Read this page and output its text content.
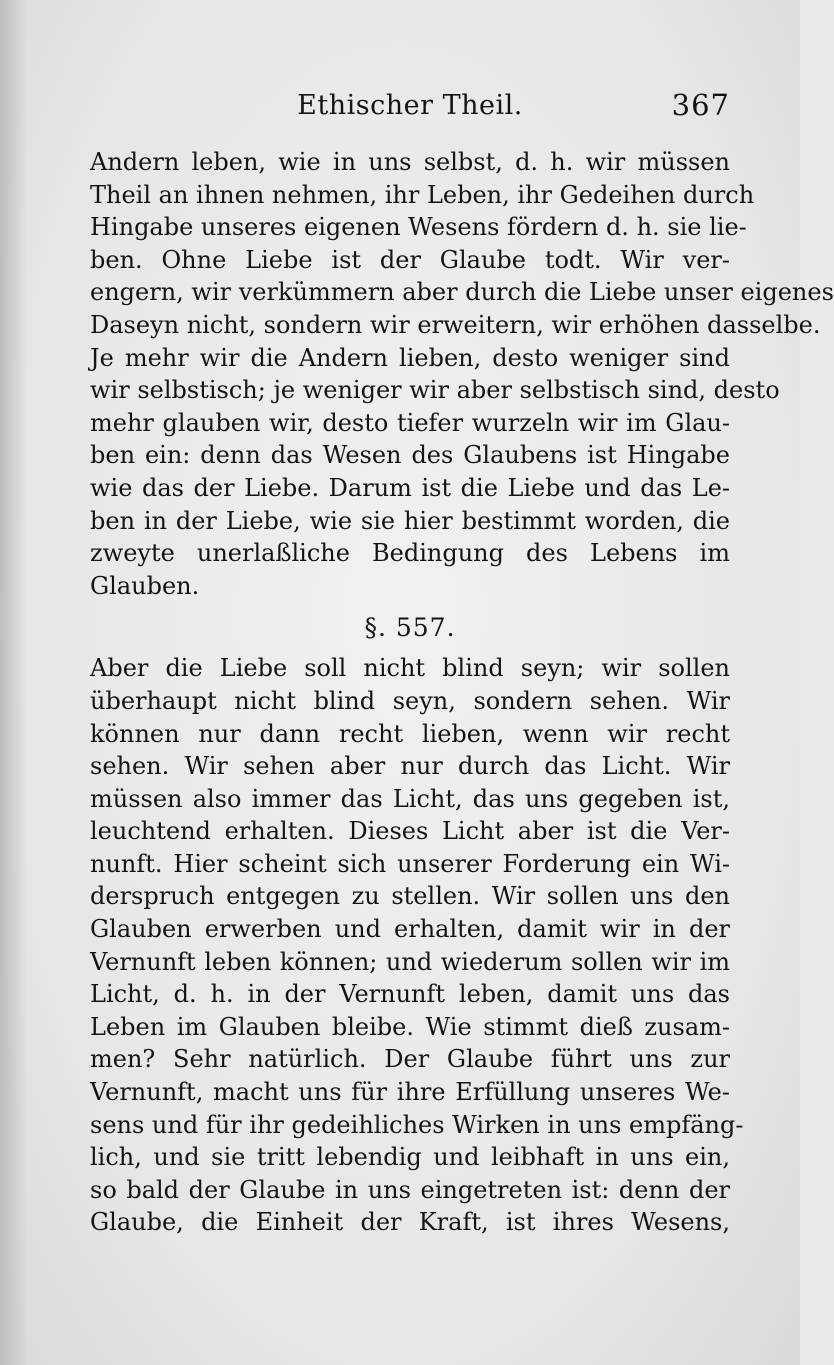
Ethischer Theil.	367
Andern leben, wie in uns selbst, d. h. wir müssen
Theil an ihnen nehmen, ihr Leben, ihr Gedeihen durch
Hingabe unseres eigenen Wesens fördern d. h. sie lie-
ben. Ohne Liebe ist der Glaube todt. Wir ver-
engern, wir verkümmern aber durch die Liebe unser eigenes
Daseyn nicht, sondern wir erweitern, wir erhöhen dasselbe.
Je mehr wir die Andern lieben, desto weniger sind
wir selbstisch; je weniger wir aber selbstisch sind, desto
mehr glauben wir, desto tiefer wurzeln wir im Glau-
ben ein: denn das Wesen des Glaubens ist Hingabe
wie das der Liebe. Darum ist die Liebe und das Le-
ben in der Liebe, wie sie hier bestimmt worden, die
zweyte unerlaßliche Bedingung des Lebens im
Glauben.
§. 557.
Aber die Liebe soll nicht blind seyn; wir sollen
überhaupt nicht blind seyn, sondern sehen. Wir
können nur dann recht lieben, wenn wir recht
sehen. Wir sehen aber nur durch das Licht. Wir
müssen also immer das Licht, das uns gegeben ist,
leuchtend erhalten. Dieses Licht aber ist die Ver-
nunft. Hier scheint sich unserer Forderung ein Wi-
derspruch entgegen zu stellen. Wir sollen uns den
Glauben erwerben und erhalten, damit wir in der
Vernunft leben können; und wiederum sollen wir im
Licht, d. h. in der Vernunft leben, damit uns das
Leben im Glauben bleibe. Wie stimmt dieß zusam-
men? Sehr natürlich. Der Glaube führt uns zur
Vernunft, macht uns für ihre Erfüllung unseres We-
sens und für ihr gedeihliches Wirken in uns empfäng-
lich, und sie tritt lebendig und leibhaft in uns ein,
so bald der Glaube in uns eingetreten ist: denn der
Glaube, die Einheit der Kraft, ist ihres Wesens,
